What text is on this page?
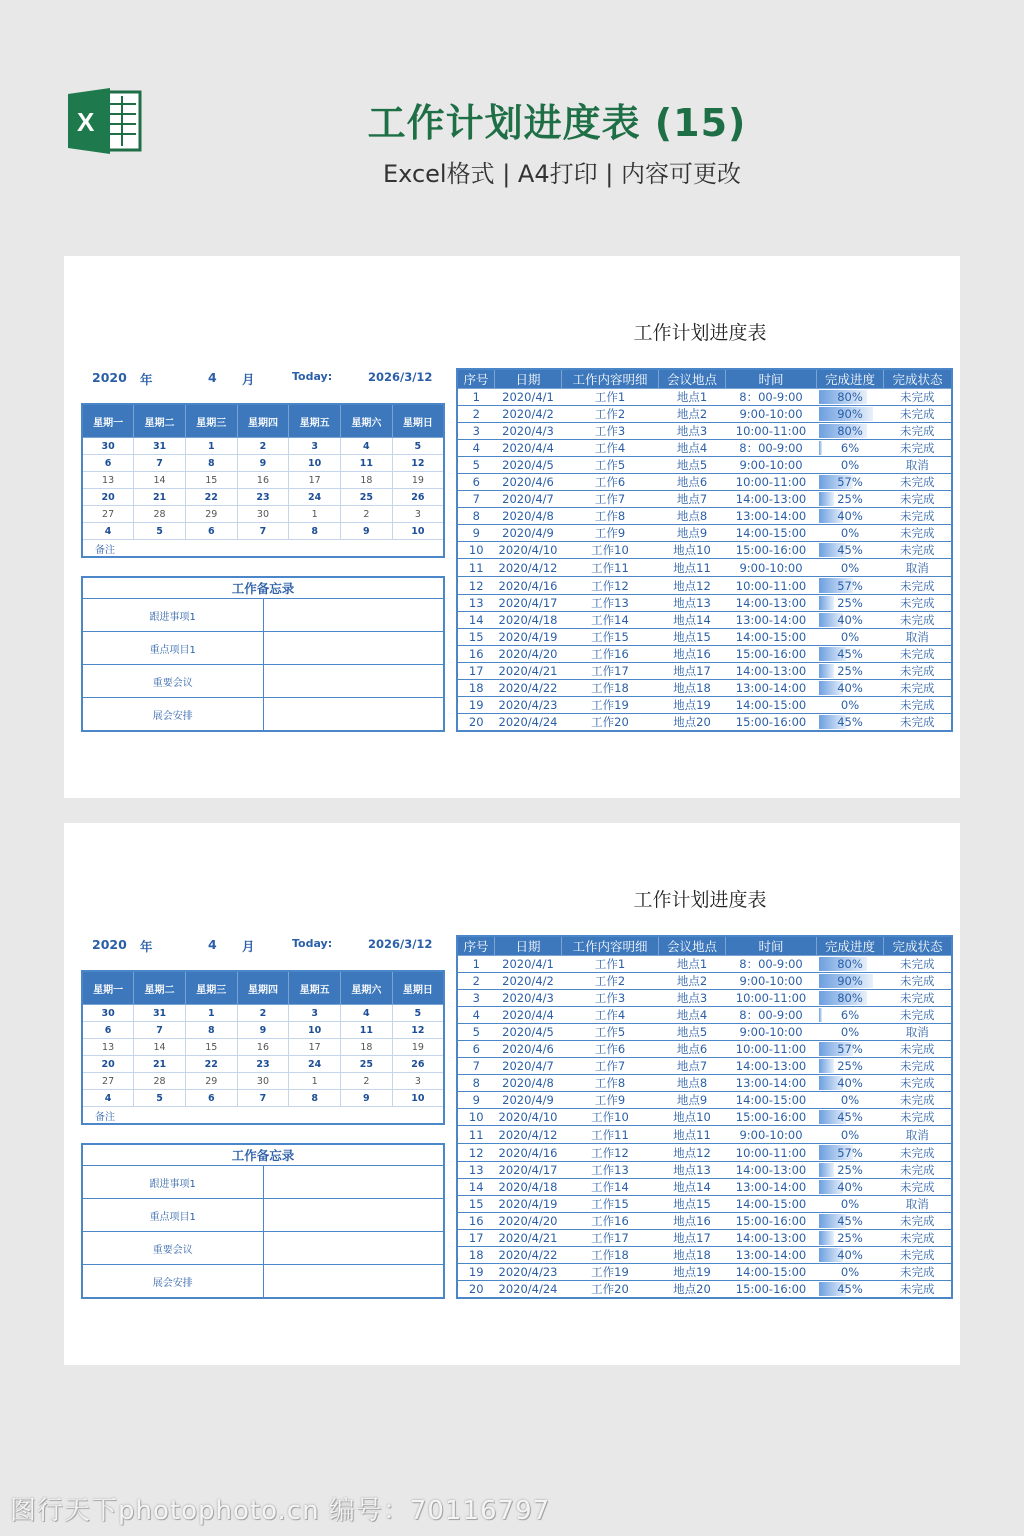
X	工作计划进度表 (15)
Excel格式 | A4打印 | 内容可更改
工作计划进度表
2020 年	4 月	Today:	2026/3/12
星期一	星期二	星期三	星期四	星期五	星期六	星期日
30	31	1	2	3	4	5
6	7	8	9	10	11	12
13	14	15	16	17	18	19
20	21	22	23	24	25	26
27	28	29	30	1	2	3
4	5	6	7	8	9	10
备注						
工作备忘录	
跟进事项1	
重点项目1	
重要会议	
展会安排	
序号	日期	工作内容明细	会议地点	时间	完成进度	完成状态
1	2020/4/1	工作1	地点1	8：00-9:00	80%	未完成
2	2020/4/2	工作2	地点2	9:00-10:00	90%	未完成
3	2020/4/3	工作3	地点3	10:00-11:00	80%	未完成
4	2020/4/4	工作4	地点4	8：00-9:00	6%	未完成
5	2020/4/5	工作5	地点5	9:00-10:00	0%	取消
6	2020/4/6	工作6	地点6	10:00-11:00	57%	未完成
7	2020/4/7	工作7	地点7	14:00-13:00	25%	未完成
8	2020/4/8	工作8	地点8	13:00-14:00	40%	未完成
9	2020/4/9	工作9	地点9	14:00-15:00	0%	未完成
10	2020/4/10	工作10	地点10	15:00-16:00	45%	未完成
11	2020/4/12	工作11	地点11	9:00-10:00	0%	取消
12	2020/4/16	工作12	地点12	10:00-11:00	57%	未完成
13	2020/4/17	工作13	地点13	14:00-13:00	25%	未完成
14	2020/4/18	工作14	地点14	13:00-14:00	40%	未完成
15	2020/4/19	工作15	地点15	14:00-15:00	0%	取消
16	2020/4/20	工作16	地点16	15:00-16:00	45%	未完成
17	2020/4/21	工作17	地点17	14:00-13:00	25%	未完成
18	2020/4/22	工作18	地点18	13:00-14:00	40%	未完成
19	2020/4/23	工作19	地点19	14:00-15:00	0%	未完成
20	2020/4/24	工作20	地点20	15:00-16:00	45%	未完成
工作计划进度表
2020 年	4 月	Today:	2026/3/12
星期一	星期二	星期三	星期四	星期五	星期六	星期日
30	31	1	2	3	4	5
6	7	8	9	10	11	12
13	14	15	16	17	18	19
20	21	22	23	24	25	26
27	28	29	30	1	2	3
4	5	6	7	8	9	10
备注						
工作备忘录	
跟进事项1	
重点项目1	
重要会议	
展会安排	
序号	日期	工作内容明细	会议地点	时间	完成进度	完成状态
1	2020/4/1	工作1	地点1	8：00-9:00	80%	未完成
2	2020/4/2	工作2	地点2	9:00-10:00	90%	未完成
3	2020/4/3	工作3	地点3	10:00-11:00	80%	未完成
4	2020/4/4	工作4	地点4	8：00-9:00	6%	未完成
5	2020/4/5	工作5	地点5	9:00-10:00	0%	取消
6	2020/4/6	工作6	地点6	10:00-11:00	57%	未完成
7	2020/4/7	工作7	地点7	14:00-13:00	25%	未完成
8	2020/4/8	工作8	地点8	13:00-14:00	40%	未完成
9	2020/4/9	工作9	地点9	14:00-15:00	0%	未完成
10	2020/4/10	工作10	地点10	15:00-16:00	45%	未完成
11	2020/4/12	工作11	地点11	9:00-10:00	0%	取消
12	2020/4/16	工作12	地点12	10:00-11:00	57%	未完成
13	2020/4/17	工作13	地点13	14:00-13:00	25%	未完成
14	2020/4/18	工作14	地点14	13:00-14:00	40%	未完成
15	2020/4/19	工作15	地点15	14:00-15:00	0%	取消
16	2020/4/20	工作16	地点16	15:00-16:00	45%	未完成
17	2020/4/21	工作17	地点17	14:00-13:00	25%	未完成
18	2020/4/22	工作18	地点18	13:00-14:00	40%	未完成
19	2020/4/23	工作19	地点19	14:00-15:00	0%	未完成
20	2020/4/24	工作20	地点20	15:00-16:00	45%	未完成
图行天下photophoto.cn 编号：70116797
